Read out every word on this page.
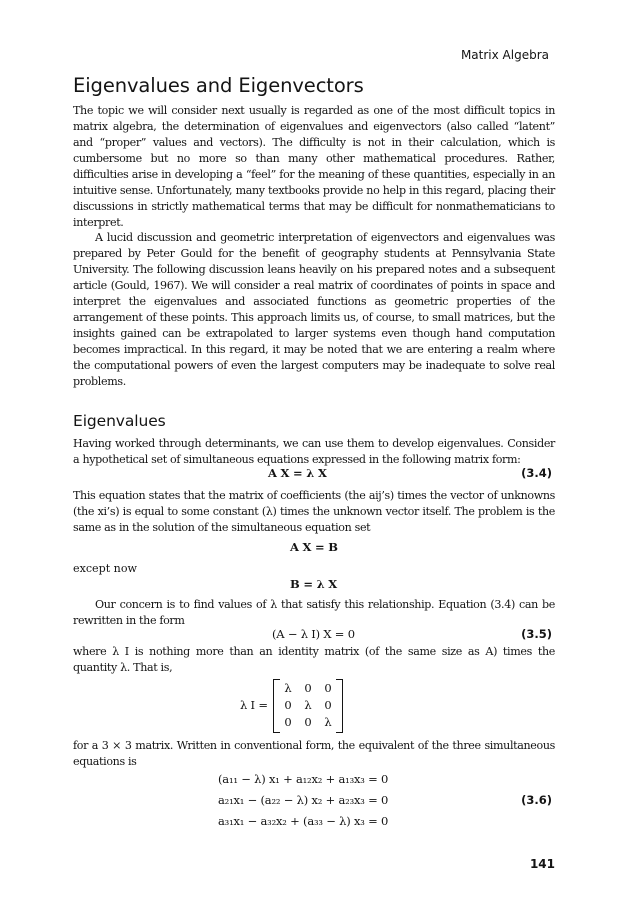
Matrix Algebra
Eigenvalues and Eigenvectors

The topic we will consider next usually is regarded as one of the most difficult topics in matrix algebra, the determination of eigenvalues and eigenvectors (also called “latent” and “proper” values and vectors). The difficulty is not in their calculation, which is cumbersome but no more so than many other mathematical procedures. Rather, difficulties arise in developing a “feel” for the meaning of these quantities, especially in an intuitive sense. Unfortunately, many textbooks provide no help in this regard, placing their discussions in strictly mathematical terms that may be difficult for nonmathematicians to interpret.

A lucid discussion and geometric interpretation of eigenvectors and eigenvalues was prepared by Peter Gould for the benefit of geography students at Pennsylvania State University. The following discussion leans heavily on his prepared notes and a subsequent article (Gould, 1967). We will consider a real matrix of coordinates of points in space and interpret the eigenvalues and associated functions as geometric properties of the arrangement of these points. This approach limits us, of course, to small matrices, but the insights gained can be extrapolated to larger systems even though hand computation becomes impractical. In this regard, it may be noted that we are entering a realm where the computational powers of even the largest computers may be inadequate to solve real problems.

Eigenvalues

Having worked through determinants, we can use them to develop eigenvalues. Consider a hypothetical set of simultaneous equations expressed in the following matrix form:

A X = λ X	(3.4)

This equation states that the matrix of coefficients (the aij’s) times the vector of unknowns (the xi’s) is equal to some constant (λ) times the unknown vector itself. The problem is the same as in the solution of the simultaneous equation set

A X = B
except now
B = λ X

Our concern is to find values of λ that satisfy this relationship. Equation (3.4) can be rewritten in the form

(A − λ I) X = 0	(3.5)

where λ I is nothing more than an identity matrix (of the same size as A) times the quantity λ. That is,

λ I =
λ	0	0
0	λ	0
0	0	λ

for a 3 × 3 matrix. Written in conventional form, the equivalent of the three simultaneous equations is

(a₁₁ − λ) x₁ + a₁₂x₂ + a₁₃x₃ = 0
a₂₁x₁ − (a₂₂ − λ) x₂ + a₂₃x₃ = 0
a₃₁x₁ − a₃₂x₂ + (a₃₃ − λ) x₃ = 0
(3.6)
141
